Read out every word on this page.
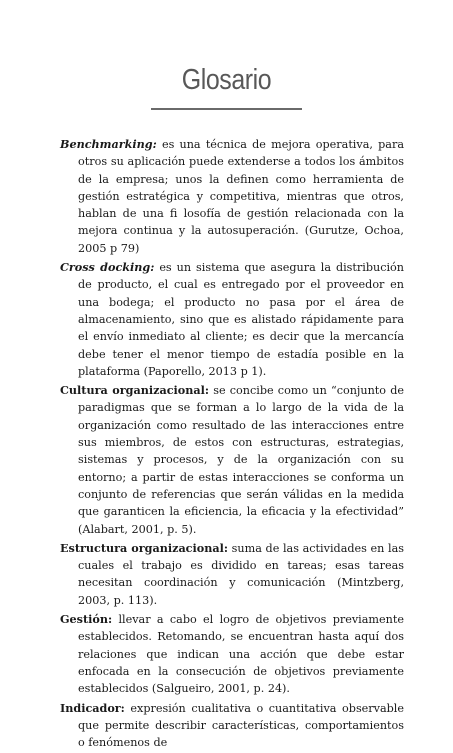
Glosario

Benchmarking: es una técnica de mejora operativa, para otros su aplicación puede extenderse a todos los ámbitos de la empresa; unos la definen como herramienta de gestión estratégica y competitiva, mientras que otros, hablan de una fi losofía de gestión relacionada con la mejora continua y la autosuperación. (Gurutze, Ochoa, 2005 p 79)

Cross docking: es un sistema que asegura la distribución de producto, el cual es entregado por el proveedor en una bodega; el producto no pasa por el área de almacenamiento, sino que es alistado rápidamente para el envío inmediato al cliente; es decir que la mercancía debe tener el menor tiempo de estadía posible en la plataforma (Paporello, 2013 p 1).

Cultura organizacional: se concibe como un “conjunto de paradigmas que se forman a lo largo de la vida de la organización como resultado de las interacciones entre sus miembros, de estos con estructuras, estrategias, sistemas y procesos, y de la organización con su entorno; a partir de estas interacciones se conforma un conjunto de referencias que serán válidas en la medida que garanticen la eficiencia, la eficacia y la efectividad” (Alabart, 2001, p. 5).

Estructura organizacional: suma de las actividades en las cuales el trabajo es dividido en tareas; esas tareas necesitan coordinación y comunicación (Mintzberg, 2003, p. 113).

Gestión: llevar a cabo el logro de objetivos previamente establecidos. Retomando, se encuentran hasta aquí dos relaciones que indican una acción que debe estar enfocada en la consecución de objetivos previamente establecidos (Salgueiro, 2001, p. 24).

Indicador: expresión cualitativa o cuantitativa observable que permite describir características, comportamientos o fenómenos de
